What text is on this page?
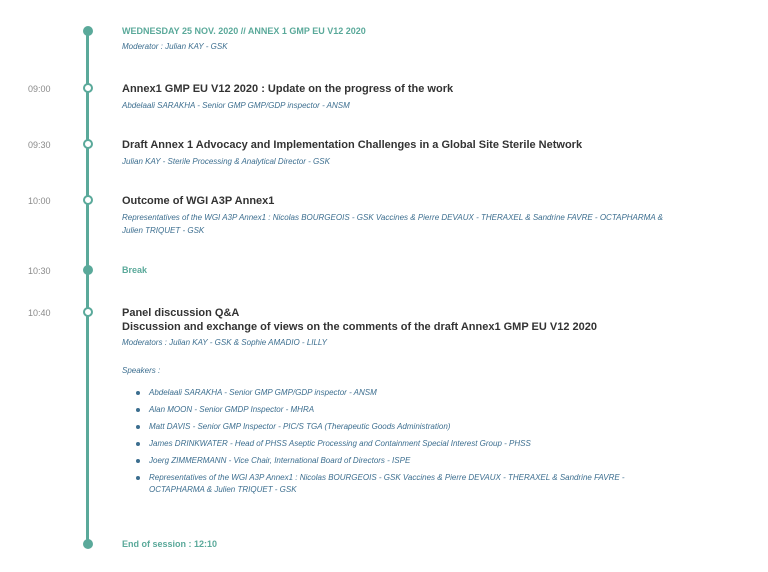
WEDNESDAY 25 NOV. 2020 // ANNEX 1 GMP EU V12 2020

Moderator : Julian KAY - GSK

09:00	Annex1 GMP EU V12 2020 : Update on the progress of the work

Abdelaali SARAKHA - Senior GMP GMP/GDP inspector - ANSM

09:30	Draft Annex 1 Advocacy and Implementation Challenges in a Global Site Sterile Network

Julian KAY - Sterile Processing & Analytical Director - GSK

10:00	Outcome of WGI A3P Annex1

Representatives of the WGI A3P Annex1 : Nicolas BOURGEOIS - GSK Vaccines & Pierre DEVAUX - THERAXEL & Sandrine FAVRE - OCTAPHARMA &
Julien TRIQUET - GSK

10:30	Break

10:40	Panel discussion Q&A

Discussion and exchange of views on the comments of the draft Annex1 GMP EU V12 2020

Moderators : Julian KAY - GSK & Sophie AMADIO - LILLY

Speakers :

Abdelaali SARAKHA - Senior GMP GMP/GDP inspector - ANSM
Alan MOON - Senior GMDP Inspector - MHRA
Matt DAVIS - Senior GMP Inspector - PIC/S TGA (Therapeutic Goods Administration)
James DRINKWATER - Head of PHSS Aseptic Processing and Containment Special Interest Group - PHSS
Joerg ZIMMERMANN - Vice Chair, International Board of Directors - ISPE
Representatives of the WGI A3P Annex1 : Nicolas BOURGEOIS - GSK Vaccines & Pierre DEVAUX - THERAXEL & Sandrine FAVRE -
OCTAPHARMA & Julien TRIQUET - GSK

End of session : 12:10
